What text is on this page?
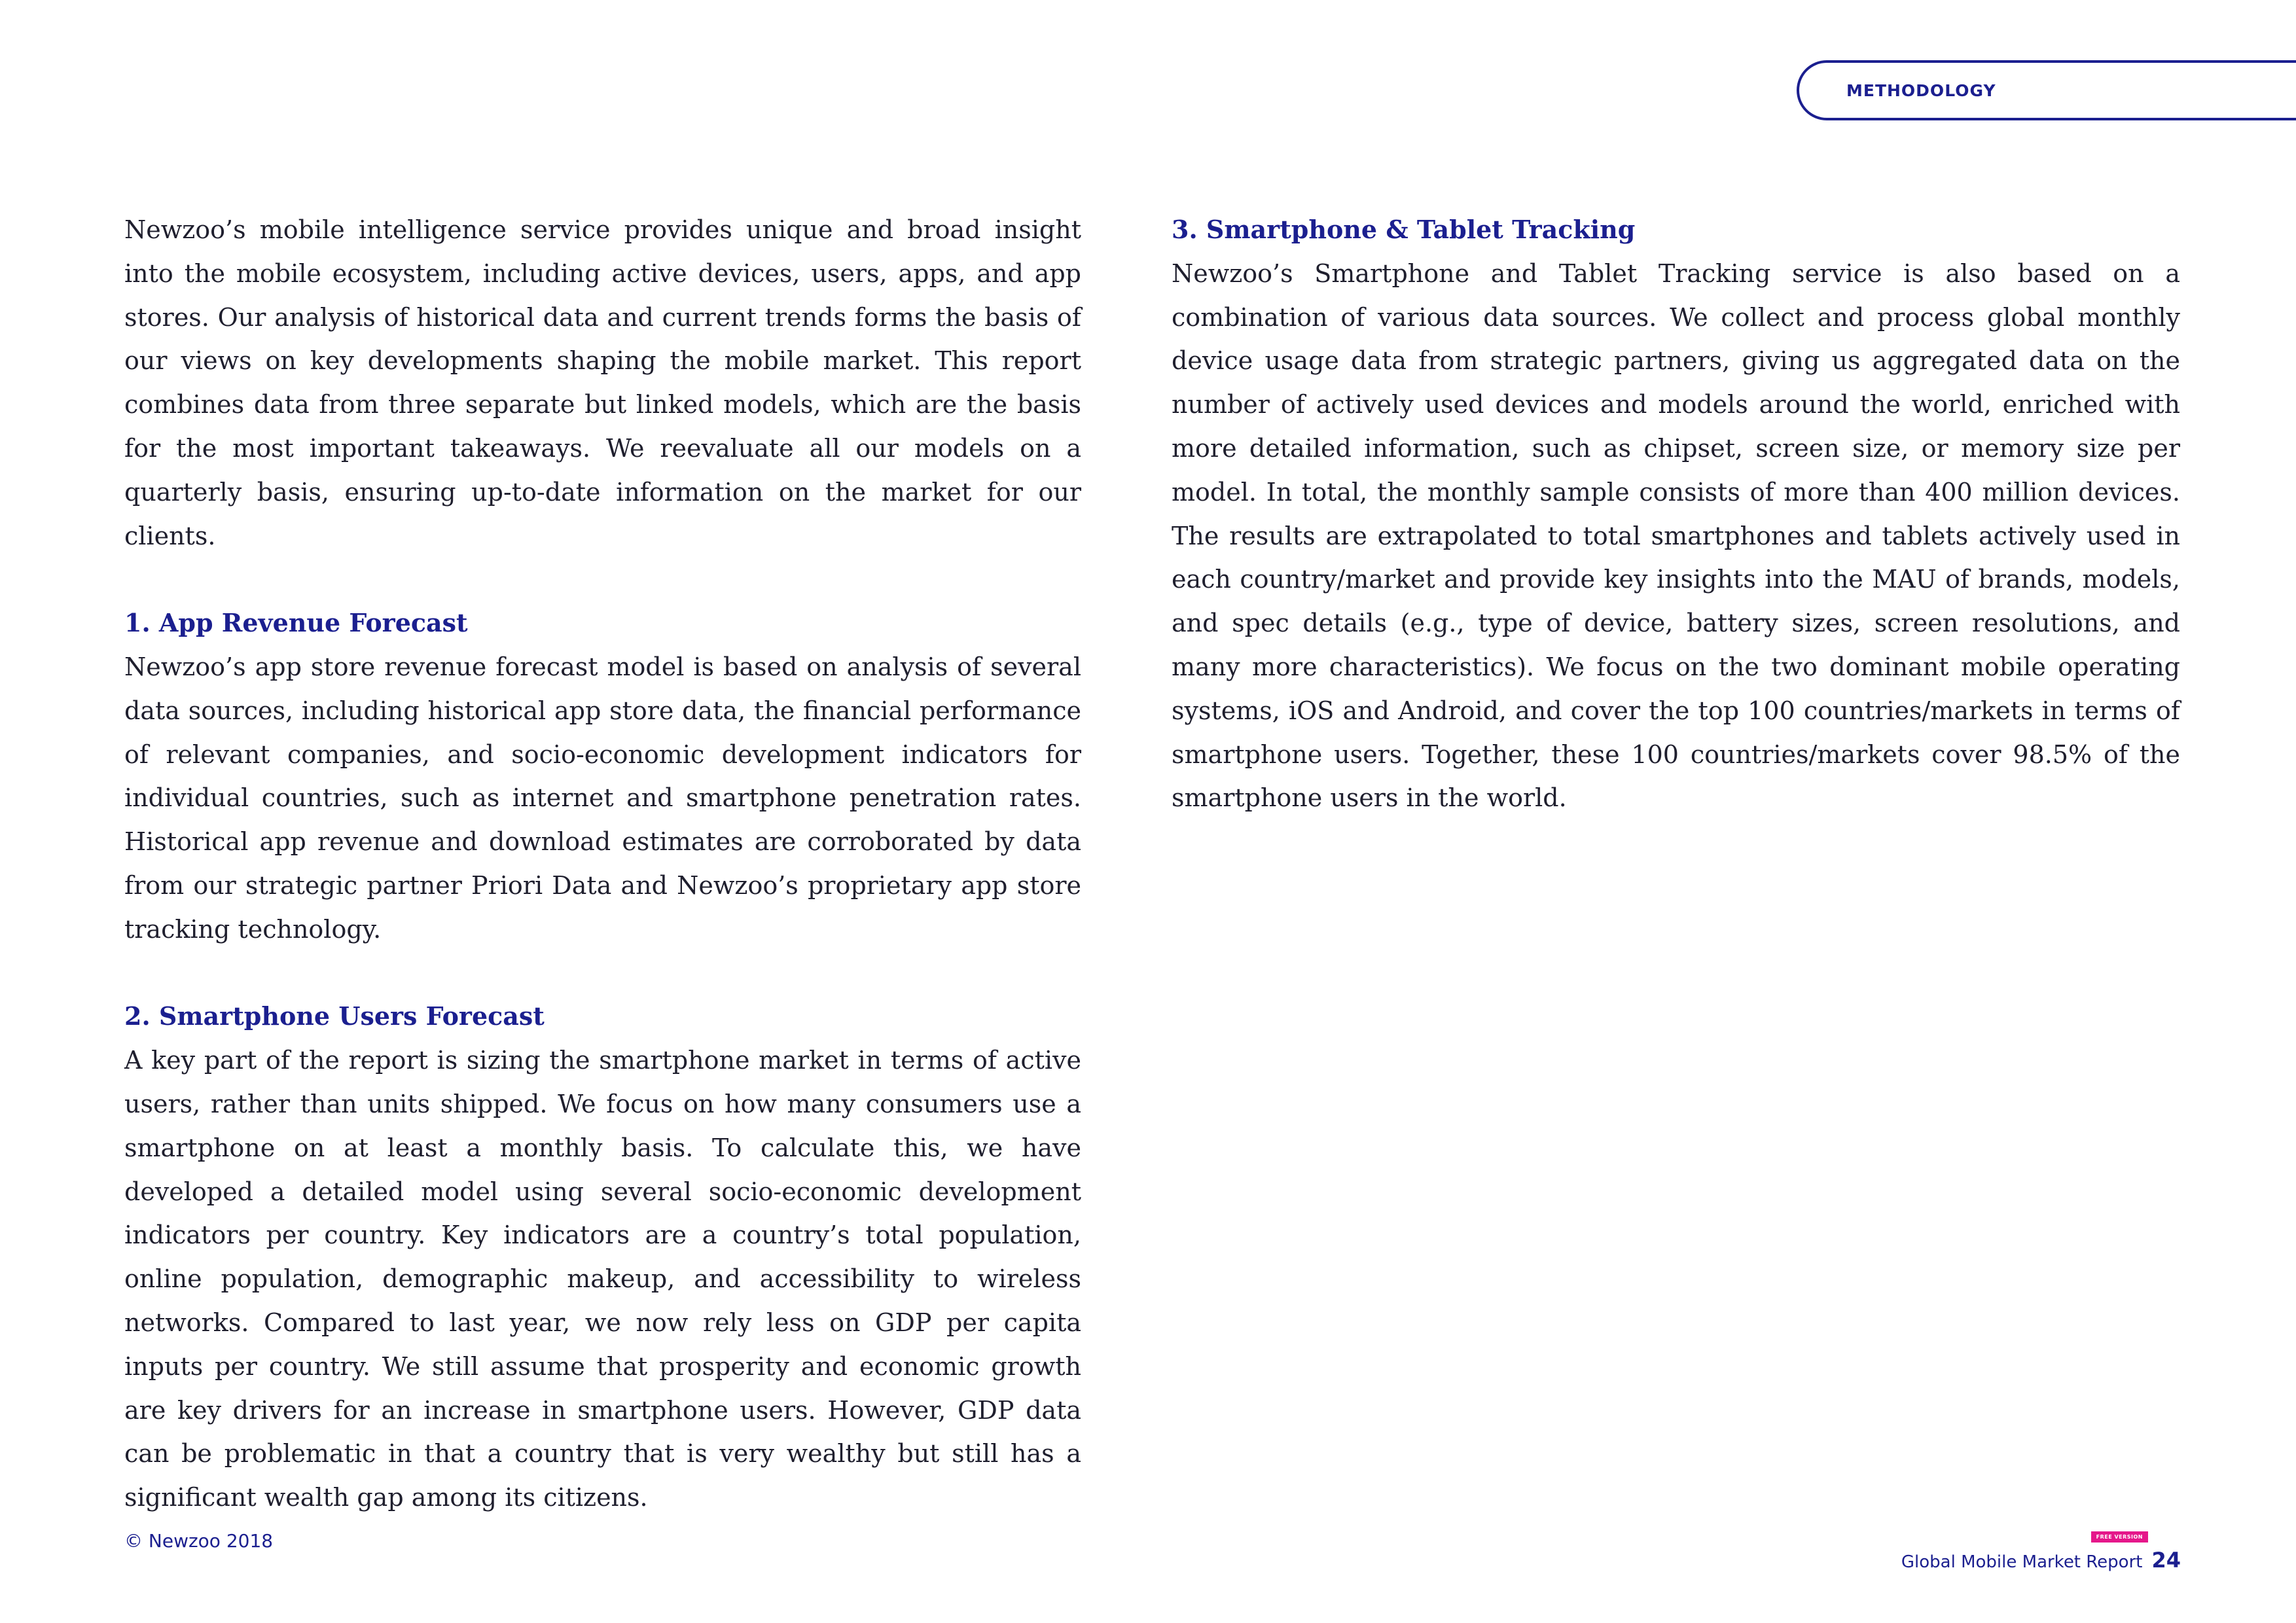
METHODOLOGY

Newzoo’s mobile intelligence service provides unique and broad insight into the mobile ecosystem, including active devices, users, apps, and app stores. Our analysis of historical data and current trends forms the basis of our views on key developments shaping the mobile market. This report combines data from three separate but linked models, which are the basis for the most important takeaways. We reevaluate all our models on a quarterly basis, ensuring up-to-date information on the market for our clients.

1. App Revenue Forecast

Newzoo’s app store revenue forecast model is based on analysis of several data sources, including historical app store data, the financial performance of relevant companies, and socio-economic development indicators for individual countries, such as internet and smartphone penetration rates. Historical app revenue and download estimates are corroborated by data from our strategic partner Priori Data and Newzoo’s proprietary app store tracking technology.

2. Smartphone Users Forecast

A key part of the report is sizing the smartphone market in terms of active users, rather than units shipped. We focus on how many consumers use a smartphone on at least a monthly basis. To calculate this, we have developed a detailed model using several socio-economic development indicators per country. Key indicators are a country’s total population, online population, demographic makeup, and accessibility to wireless networks. Compared to last year, we now rely less on GDP per capita inputs per country. We still assume that prosperity and economic growth are key drivers for an increase in smartphone users. However, GDP data can be problematic in that a country that is very wealthy but still has a significant wealth gap among its citizens.

3. Smartphone & Tablet Tracking

Newzoo’s Smartphone and Tablet Tracking service is also based on a combination of various data sources. We collect and process global monthly device usage data from strategic partners, giving us aggregated data on the number of actively used devices and models around the world, enriched with more detailed information, such as chipset, screen size, or memory size per model. In total, the monthly sample consists of more than 400 million devices. The results are extrapolated to total smartphones and tablets actively used in each country/market and provide key insights into the MAU of brands, models, and spec details (e.g., type of device, battery sizes, screen resolutions, and many more characteristics). We focus on the two dominant mobile operating systems, iOS and Android, and cover the top 100 countries/markets in terms of smartphone users. Together, these 100 countries/markets cover 98.5% of the smartphone users in the world.

© Newzoo 2018	FREE VERSION
Global Mobile Market Report 24
